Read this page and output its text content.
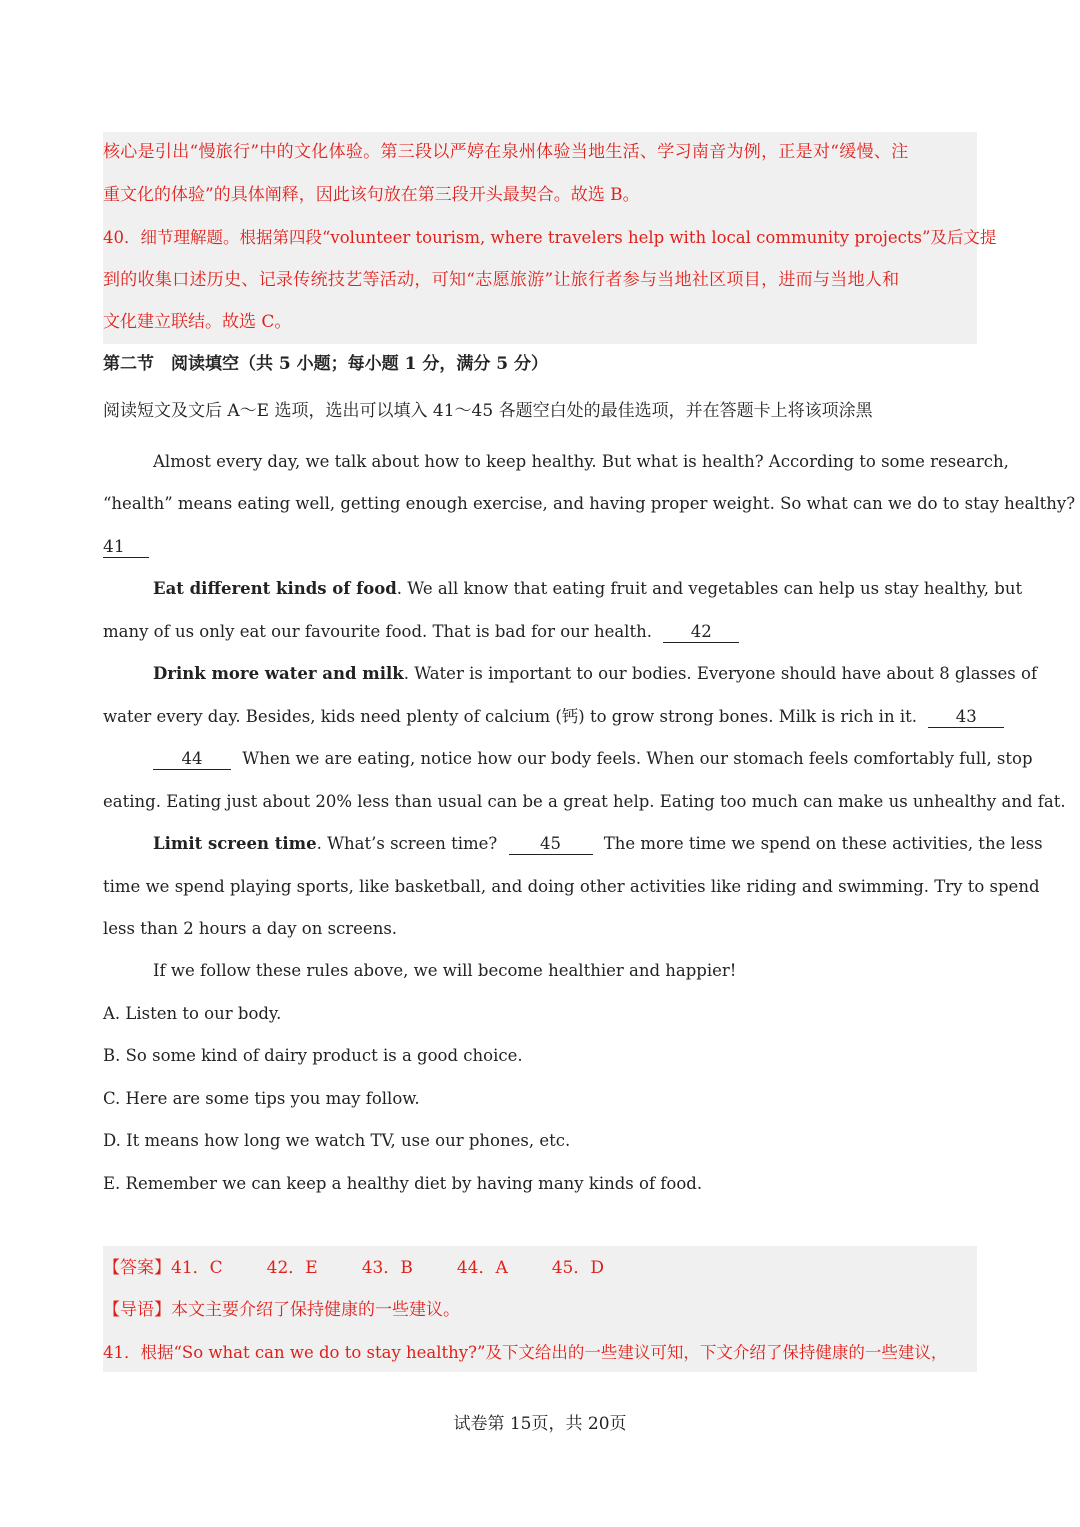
核心是引出“慢旅行”中的文化体验。第三段以严婷在泉州体验当地生活、学习南音为例，正是对“缓慢、注
重文化的体验”的具体阐释，因此该句放在第三段开头最契合。故选 B。
40．细节理解题。根据第四段“volunteer tourism, where travelers help with local community projects”及后文提
到的收集口述历史、记录传统技艺等活动，可知“志愿旅游”让旅行者参与当地社区项目，进而与当地人和
文化建立联结。故选 C。
第二节　阅读填空（共 5 小题；每小题 1 分，满分 5 分）
阅读短文及文后 A～E 选项，选出可以填入 41～45 各题空白处的最佳选项，并在答题卡上将该项涂黑
Almost every day, we talk about how to keep healthy. But what is health? According to some research,
“health” means eating well, getting enough exercise, and having proper weight. So what can we do to stay healthy?
41
Eat different kinds of food. We all know that eating fruit and vegetables can help us stay healthy, but
many of us only eat our favourite food. That is bad for our health. 42
Drink more water and milk. Water is important to our bodies. Everyone should have about 8 glasses of
water every day. Besides, kids need plenty of calcium (钙) to grow strong bones. Milk is rich in it. 43
44 When we are eating, notice how our body feels. When our stomach feels comfortably full, stop
eating. Eating just about 20% less than usual can be a great help. Eating too much can make us unhealthy and fat.
Limit screen time. What’s screen time?	45	The more time we spend on these activities, the less
time we spend playing sports, like basketball, and doing other activities like riding and swimming. Try to spend
less than 2 hours a day on screens.
If we follow these rules above, we will become healthier and happier!
A. Listen to our body.
B. So some kind of dairy product is a good choice.
C. Here are some tips you may follow.
D. It means how long we watch TV, use our phones, etc.
E. Remember we can keep a healthy diet by having many kinds of food.
【答案】41．C	42．E	43．B	44．A	45．D
【导语】本文主要介绍了保持健康的一些建议。
41．根据“So what can we do to stay healthy?”及下文给出的一些建议可知，下文介绍了保持健康的一些建议，
试卷第 15页，共 20页
